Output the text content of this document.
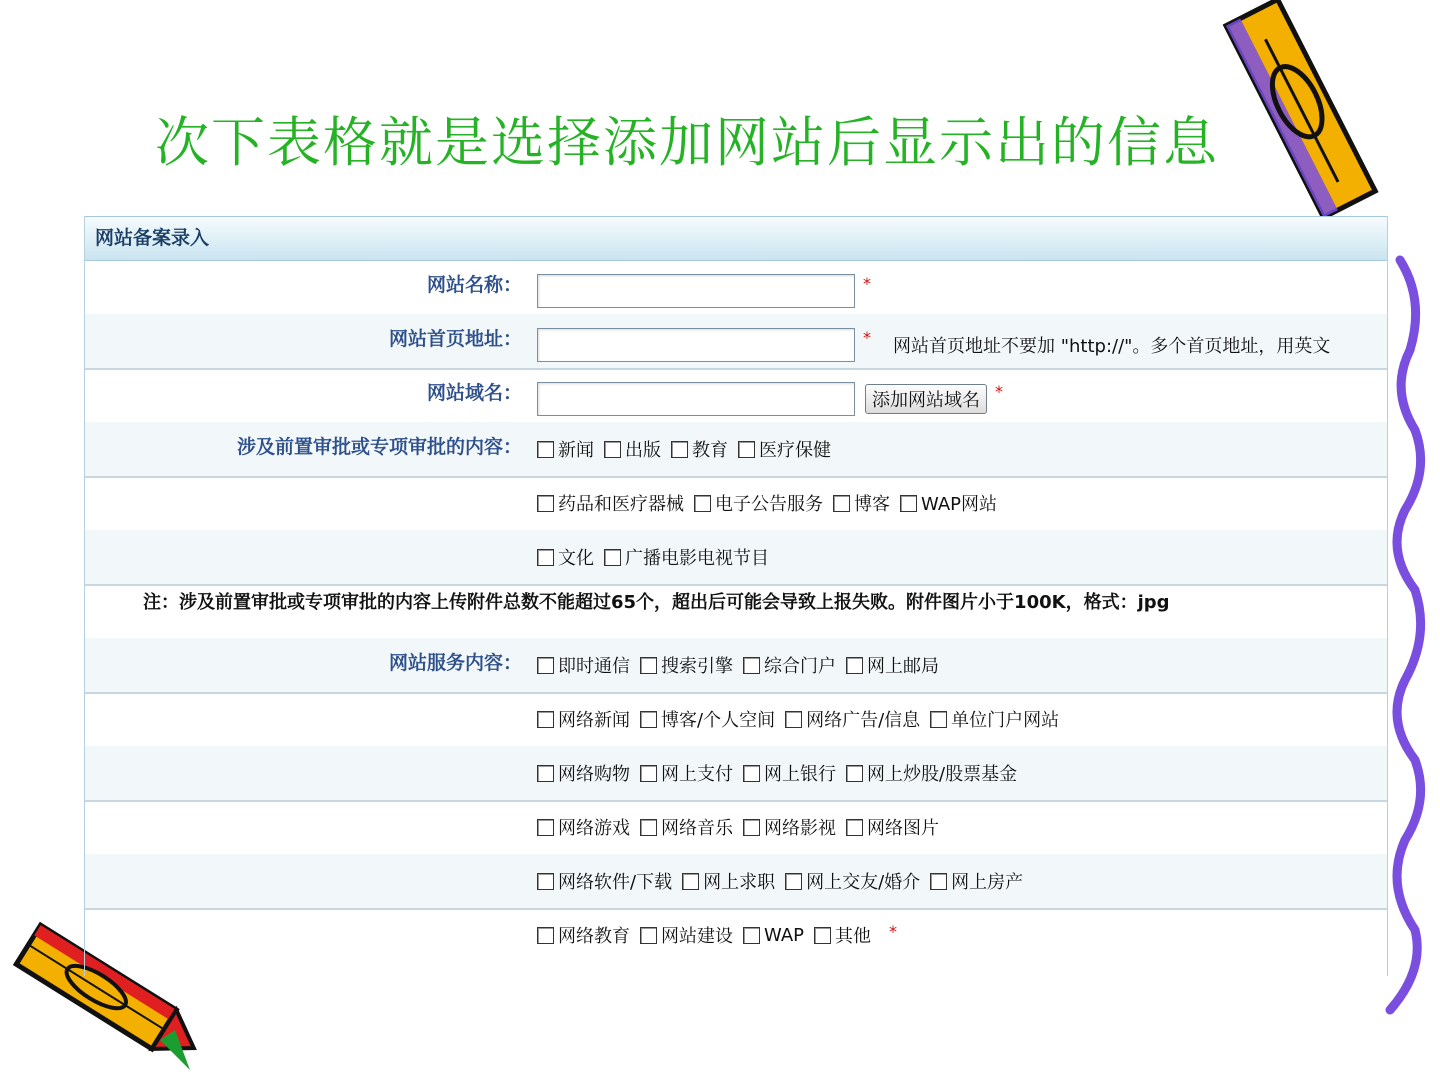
次下表格就是选择添加网站后显示出的信息
网站备案录入
网站名称：	*
网站首页地址：	* 网站首页地址不要加 "http://"。多个首页地址，用英文
网站域名：	添加网站域名 *
涉及前置审批或专项审批的内容： 新闻 出版 教育 医疗保健
药品和医疗器械 电子公告服务 博客 WAP网站
文化 广播电影电视节目
注：涉及前置审批或专项审批的内容上传附件总数不能超过65个，超出后可能会导致上报失败。附件图片小于100K，格式：jpg
网站服务内容： 即时通信 搜索引擎 综合门户 网上邮局
网络新闻 博客/个人空间 网络广告/信息 单位门户网站
网络购物 网上支付 网上银行 网上炒股/股票基金
网络游戏 网络音乐 网络影视 网络图片
网络软件/下载 网上求职 网上交友/婚介 网上房产
网络教育 网站建设 WAP 其他 *
